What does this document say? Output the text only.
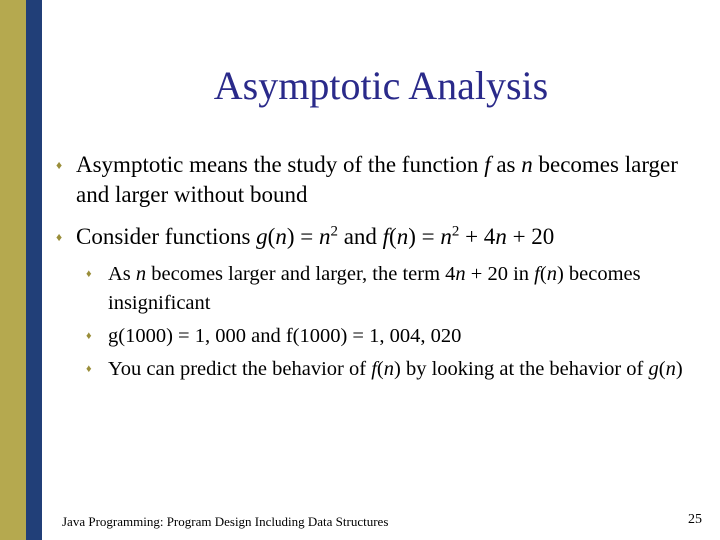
Asymptotic Analysis
♦ Asymptotic means the study of the function f as n becomes larger and larger without bound
♦ Consider functions $g(n) = n^2$ and $f(n) = n^2 + 4n + 20$
♦ As n becomes larger and larger, the term 4n + 20 in f(n) becomes insignificant
♦ g(1000) = 1, 000 and f(1000) = 1, 004, 020
♦ You can predict the behavior of f(n) by looking at the behavior of g(n)
Java Programming: Program Design Including Data Structures	25
